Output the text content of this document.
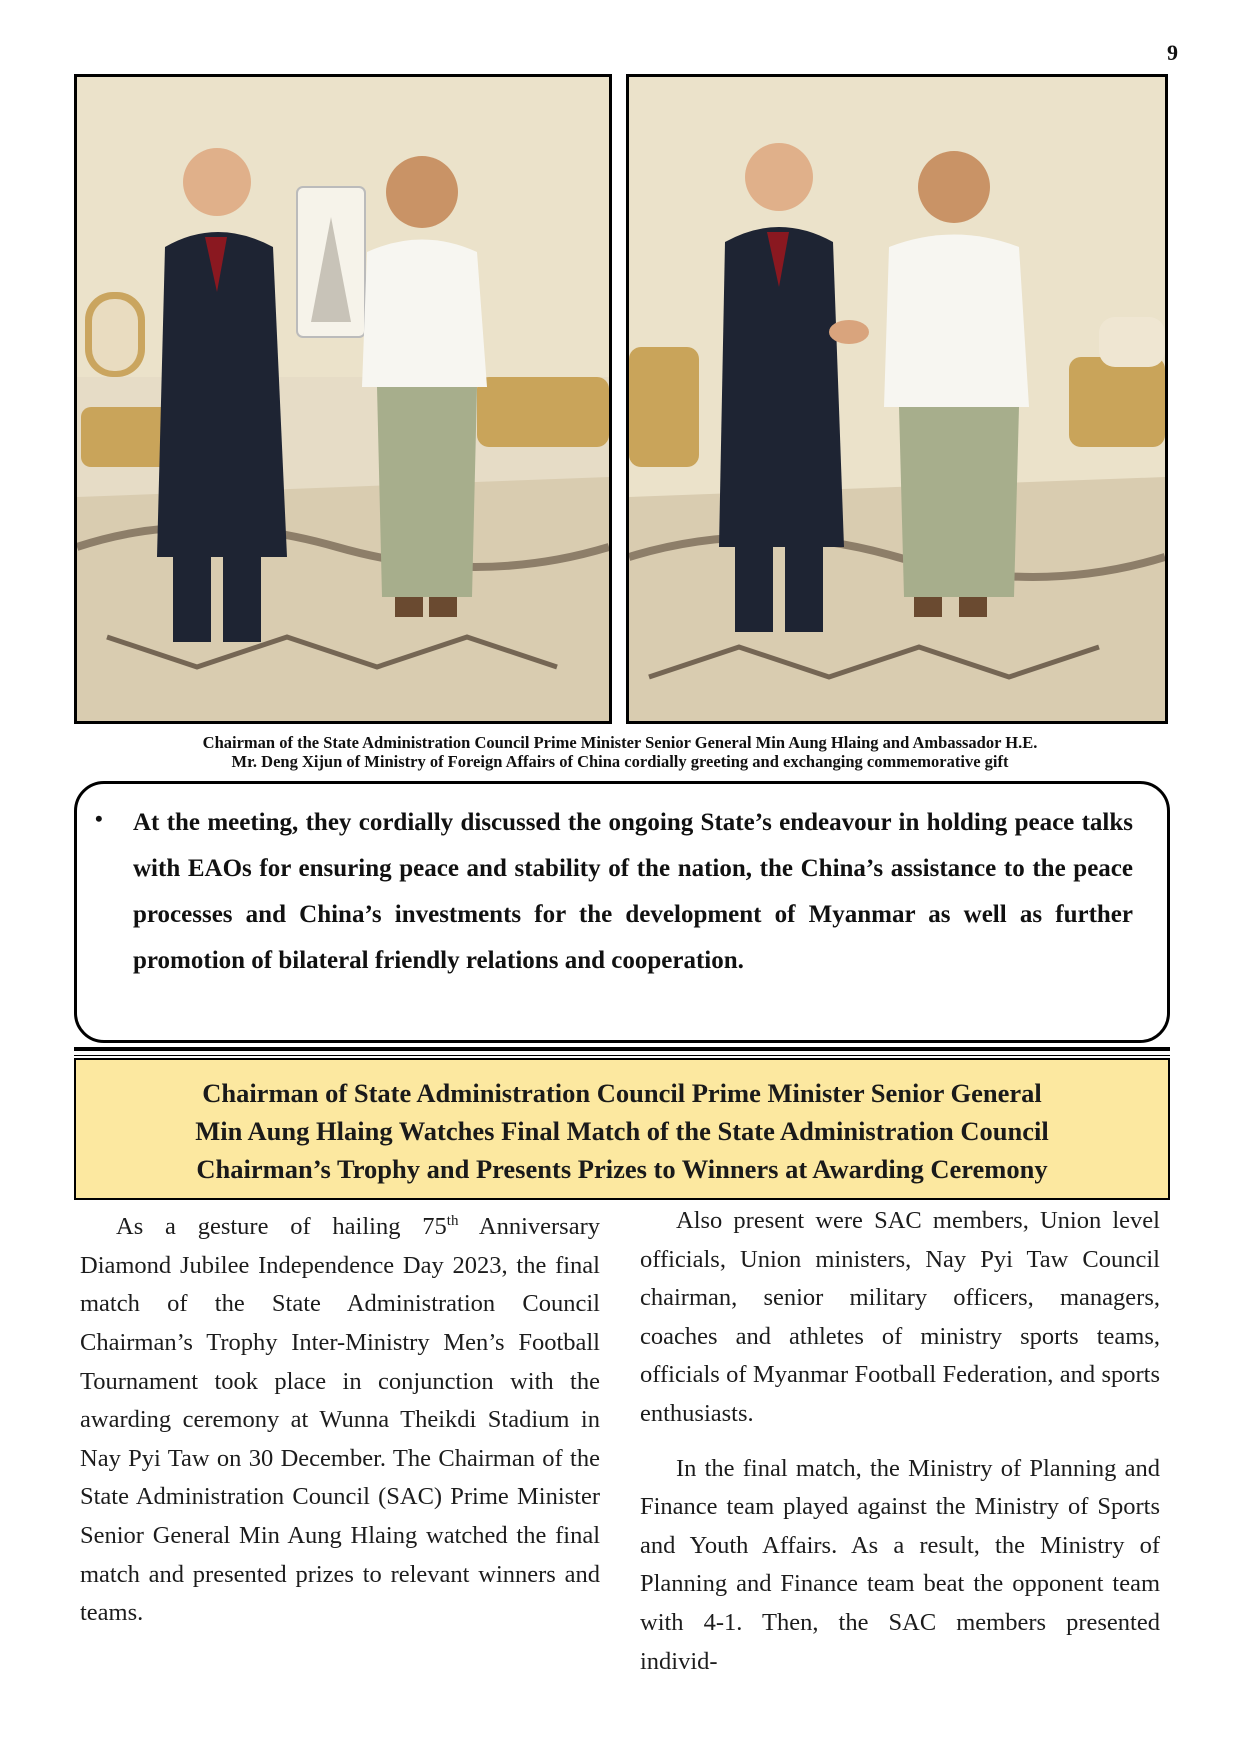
9
Chairman of the State Administration Council Prime Minister Senior General Min Aung Hlaing and Ambassador H.E.
Mr. Deng Xijun of Ministry of Foreign Affairs of China cordially greeting and exchanging commemorative gift
• At the meeting, they cordially discussed the ongoing State’s endeavour in holding peace talks with EAOs for ensuring peace and stability of the nation, the China’s assistance to the peace processes and China’s investments for the development of Myanmar as well as further promotion of bilateral friendly relations and cooperation.
Chairman of State Administration Council Prime Minister Senior General
Min Aung Hlaing Watches Final Match of the State Administration Council
Chairman’s Trophy and Presents Prizes to Winners at Awarding Ceremony

As a gesture of hailing 75th Anniversary Diamond Jubilee Independence Day 2023, the final match of the State Administration Council Chairman’s Trophy Inter-Ministry Men’s Football Tournament took place in conjunction with the awarding ceremony at Wunna Theikdi Stadium in Nay Pyi Taw on 30 December. The Chairman of the State Administration Council (SAC) Prime Minister Senior General Min Aung Hlaing watched the final match and presented prizes to relevant winners and teams.

Also present were SAC members, Union level officials, Union ministers, Nay Pyi Taw Council chairman, senior military officers, managers, coaches and athletes of ministry sports teams, officials of Myanmar Football Federation, and sports enthusiasts.

In the final match, the Ministry of Planning and Finance team played against the Ministry of Sports and Youth Affairs. As a result, the Ministry of Planning and Finance team beat the opponent team with 4-1. Then, the SAC members presented individ-
